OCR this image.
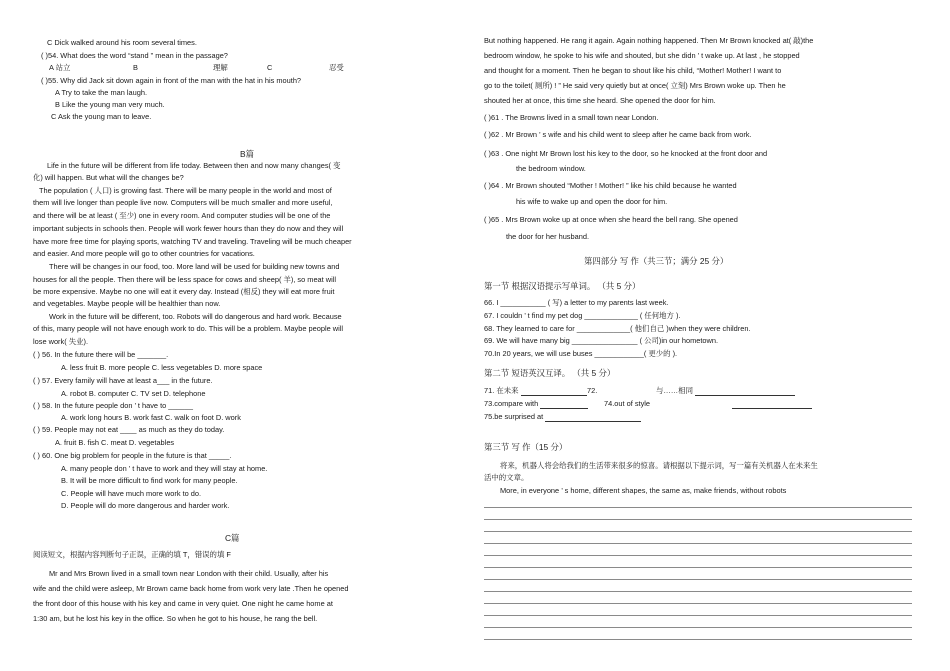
C Dick walked around his room several times.
( )54. What does the word “stand ” mean in the passage?
A 站立	B	理解	C	忍受
( )55. Why did Jack sit down again in front of the man with the hat in his mouth?
A Try to take the man laugh.
B Like the young man very much.
C Ask the young man to leave.
B篇
Life in the future will be different from life today. Between then and now many changes( 变
化) will happen. But what will the changes be?
The population ( 人口) is growing fast. There will be many people in the world and most of
them will live longer than people live now. Computers will be much smaller and more useful,
and there will be at least ( 至少) one in every room. And computer studies will be one of the
important subjects in schools then. People will work fewer hours than they do now and they will
have more free time for playing sports, watching TV and traveling. Traveling will be much cheaper
and easier. And more people will go to other countries for vacations.
There will be changes in our food, too. More land will be used for building new towns and
houses for all the people. Then there will be less space for cows and sheep( 羊), so meat will
be more expensive. Maybe no one will eat it every day. Instead (相反) they will eat more fruit
and vegetables. Maybe people will be healthier than now.
Work in the future will be different, too. Robots will do dangerous and hard work. Because
of this, many people will not have enough work to do. This will be a problem. Maybe people will
lose work( 失业).
( ) 56. In the future there will be _______.
A. less fruit B. more people C. less vegetables D. more space
( ) 57. Every family will have at least a___ in the future.
A. robot B. computer C. TV set D. telephone
( ) 58. In the future people don ’ t have to ______
A. work long hours B. work fast C. walk on foot D. work
( ) 59. People may not eat ____ as much as they do today.
A. fruit B. fish C. meat D. vegetables
( ) 60. One big problem for people in the future is that _____.
A. many people don ’ t have to work and they will stay at home.
B. It will be more difficult to find work for many people.
C. People will have much more work to do.
D. People will do more dangerous and harder work.
C篇
阅读短文，根据内容判断句子正误，正确的填 T，错误的填 F
Mr and Mrs Brown lived in a small town near London with their child. Usually, after his
wife and the child were asleep, Mr Brown came back home from work very late .Then he opened
the front door of this house with his key and came in very quiet. One night he came home at
1:30 am, but he lost his key in the office. So when he got to his house, he rang the bell.
But nothing happened. He rang it again. Again nothing happened. Then Mr Brown knocked at( 敲)the
bedroom window, he spoke to his wife and shouted, but she didn ’ t wake up. At last , he stopped
and thought for a moment. Then he began to shout like his child, “Mother! Mother! I want to
go to the toilet( 厕所) ! ” He said very quietly but at once( 立刻) Mrs Brown woke up. Then he
shouted her at once, this time she heard. She opened the door for him.
( )61 . The Browns lived in a small town near London.
( )62 . Mr Brown ’ s wife and his child went to sleep after he came back from work.
( )63 . One night Mr Brown lost his key to the door, so he knocked at the front door and
the bedroom window.
( )64 . Mr Brown shouted “Mother ! Mother! ” like his child because he wanted
his wife to wake up and open the door for him.
( )65 . Mrs Brown woke up at once when she heard the bell rang. She opened
the door for her husband.
第四部分 写 作（共三节；满分 25 分）
第一节 根据汉语提示写单词。 （共 5 分）
66. I ___________ ( 写) a letter to my parents last week.
67. I couldn ’ t find my pet dog _____________ ( 任何地方 ).
68. They learned to care for _____________( 他们自己 )when they were children.
69. We will have many big ________________ ( 公司)in our hometown.
70.In 20 years, we will use buses ____________( 更少的 ).
第二节 短语英汉互译。 （共 5 分）
71. 在未来	72.	与……相同
73.compare with	74.out of style
75.be surprised at
第三节 写 作（15 分）
将来，机器人将会给我们的生活带来很多的惊喜。请根据以下提示词，写一篇有关机器人在未来生
活中的文章。
More, in everyone ’ s home, different shapes, the same as, make friends, without robots
